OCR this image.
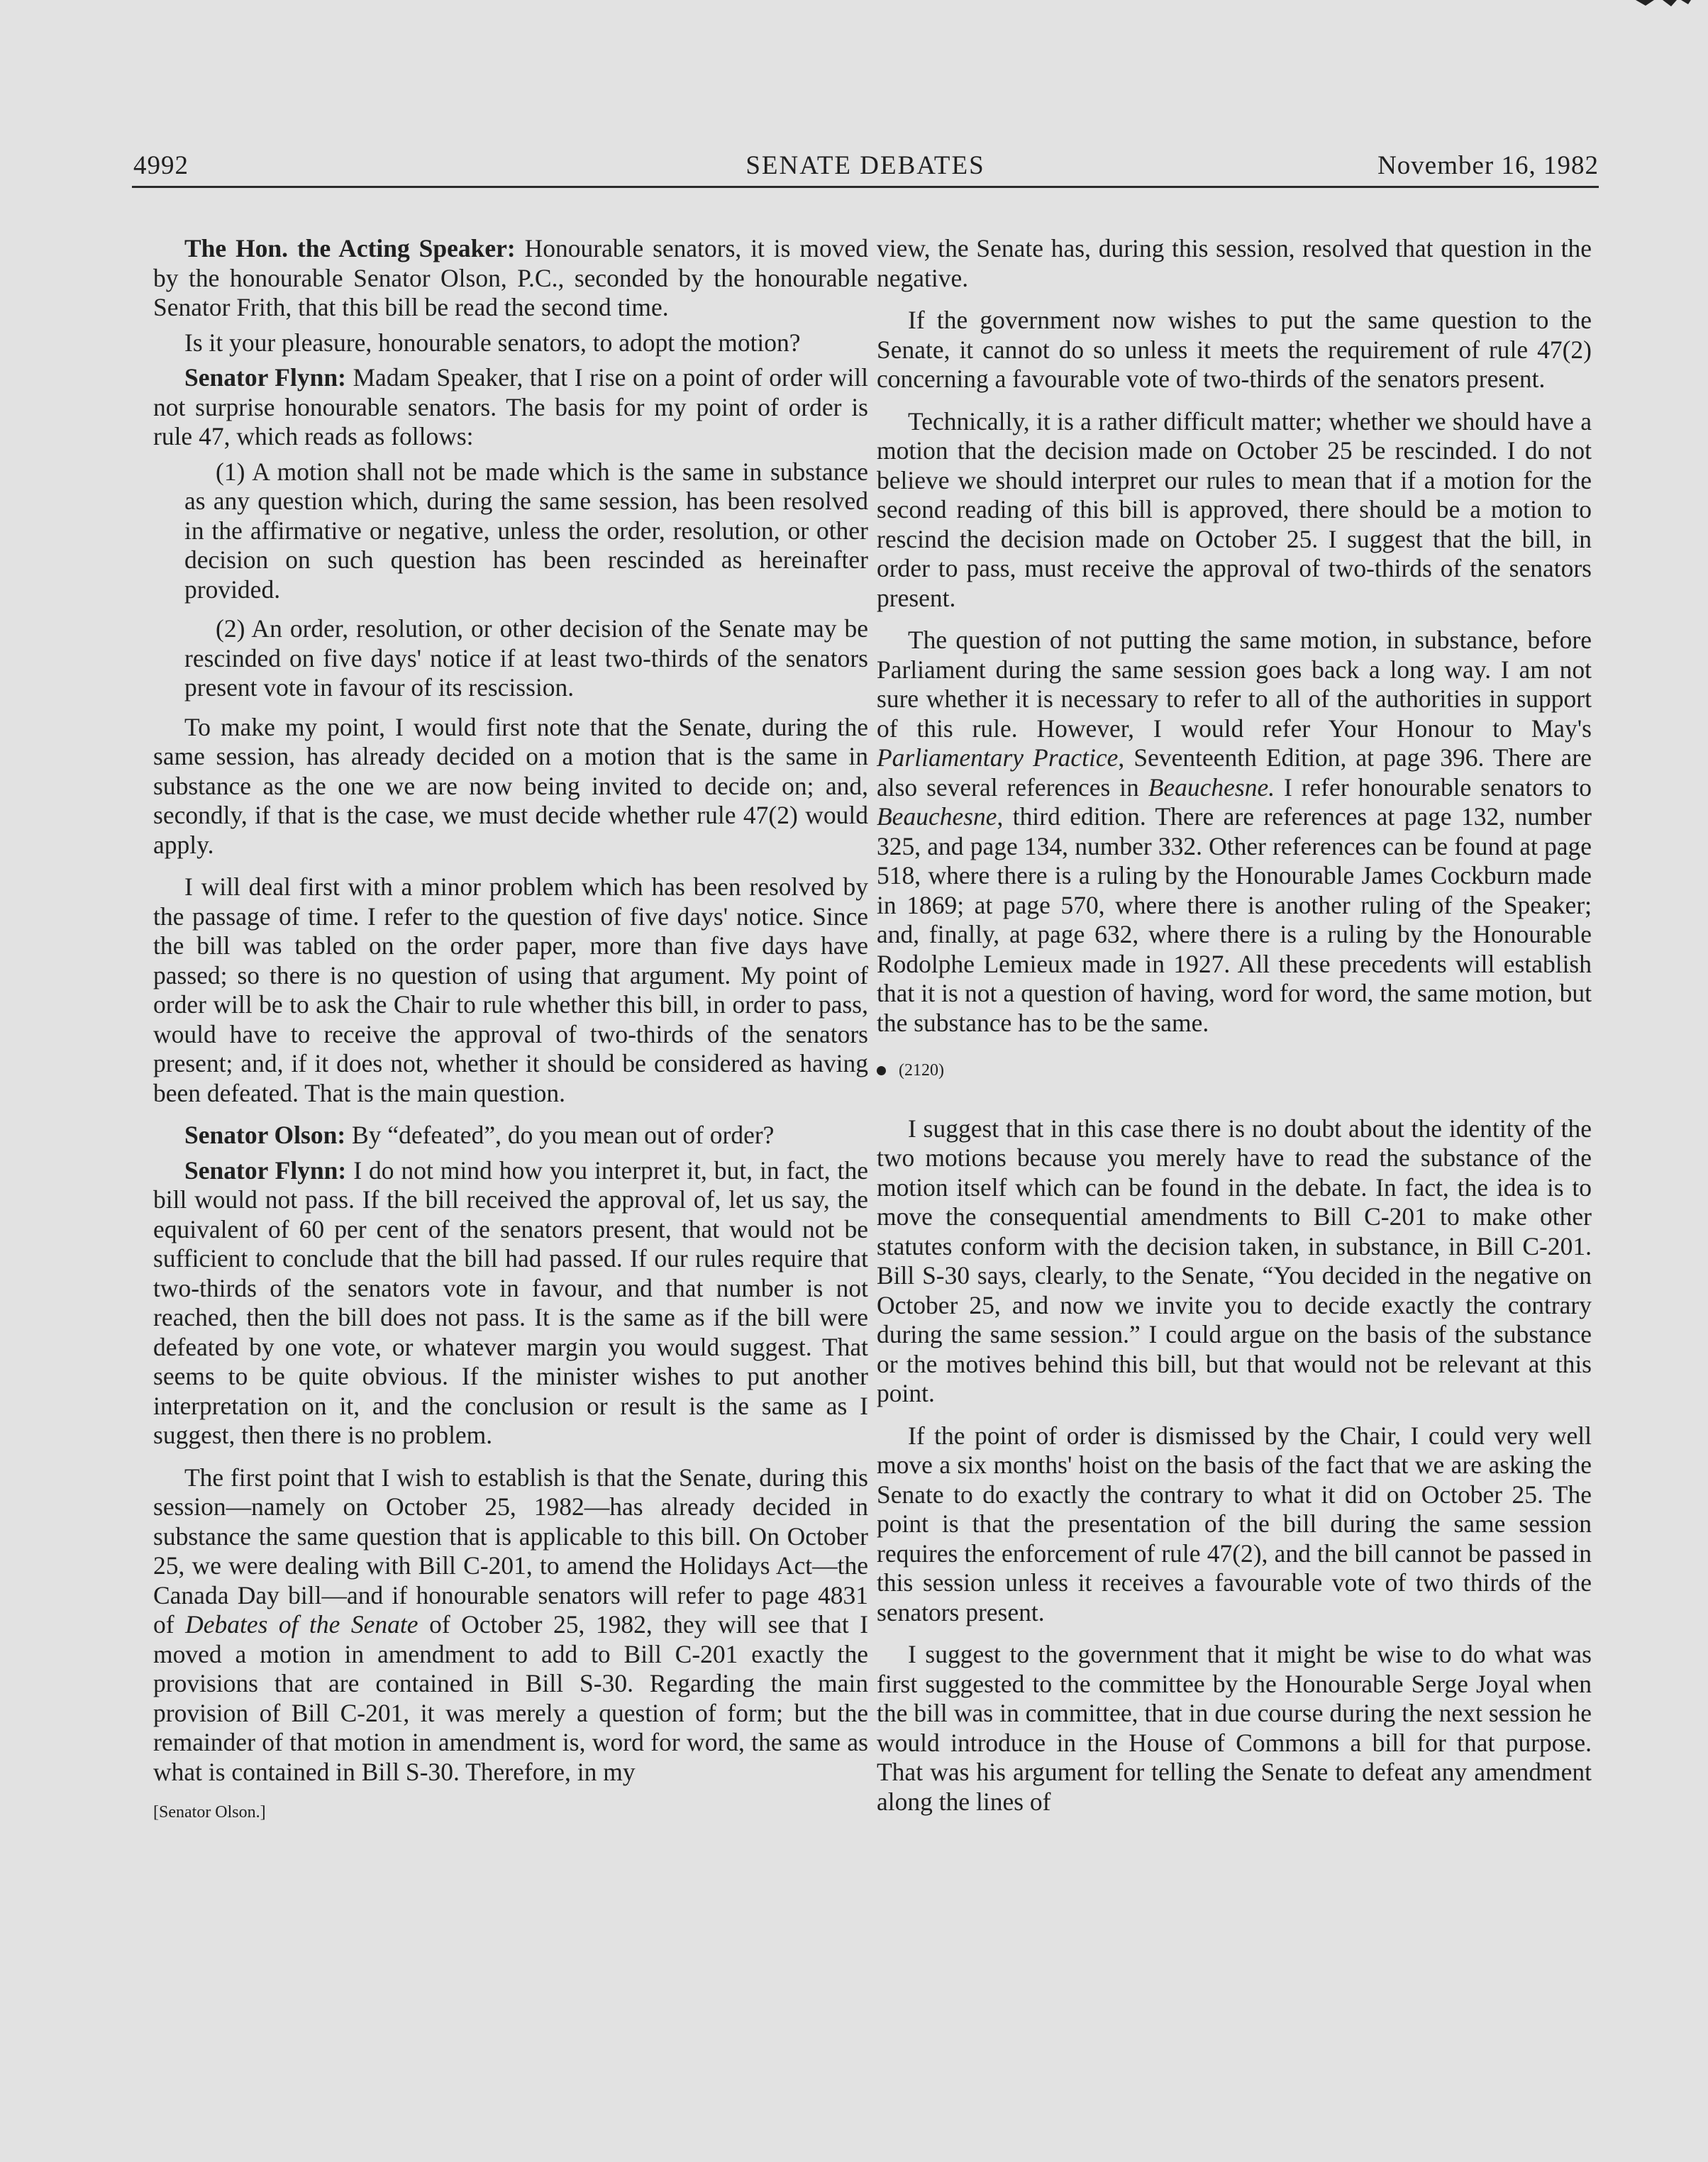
4992	SENATE DEBATES	November 16, 1982

The Hon. the Acting Speaker: Honourable senators, it is moved by the honourable Senator Olson, P.C., seconded by the honourable Senator Frith, that this bill be read the second time.

Is it your pleasure, honourable senators, to adopt the motion?

Senator Flynn: Madam Speaker, that I rise on a point of order will not surprise honourable senators. The basis for my point of order is rule 47, which reads as follows:

(1) A motion shall not be made which is the same in substance as any question which, during the same session, has been resolved in the affirmative or negative, unless the order, resolution, or other decision on such question has been rescinded as hereinafter provided.

(2) An order, resolution, or other decision of the Senate may be rescinded on five days' notice if at least two-thirds of the senators present vote in favour of its rescission.

To make my point, I would first note that the Senate, during the same session, has already decided on a motion that is the same in substance as the one we are now being invited to decide on; and, secondly, if that is the case, we must decide whether rule 47(2) would apply.

I will deal first with a minor problem which has been resolved by the passage of time. I refer to the question of five days' notice. Since the bill was tabled on the order paper, more than five days have passed; so there is no question of using that argument. My point of order will be to ask the Chair to rule whether this bill, in order to pass, would have to receive the approval of two-thirds of the senators present; and, if it does not, whether it should be considered as having been defeated. That is the main question.

Senator Olson: By “defeated”, do you mean out of order?

Senator Flynn: I do not mind how you interpret it, but, in fact, the bill would not pass. If the bill received the approval of, let us say, the equivalent of 60 per cent of the senators present, that would not be sufficient to conclude that the bill had passed. If our rules require that two-thirds of the senators vote in favour, and that number is not reached, then the bill does not pass. It is the same as if the bill were defeated by one vote, or whatever margin you would suggest. That seems to be quite obvious. If the minister wishes to put another interpretation on it, and the conclusion or result is the same as I suggest, then there is no problem.

The first point that I wish to establish is that the Senate, during this session—namely on October 25, 1982—has already decided in substance the same question that is applicable to this bill. On October 25, we were dealing with Bill C-201, to amend the Holidays Act—the Canada Day bill—and if honourable senators will refer to page 4831 of Debates of the Senate of October 25, 1982, they will see that I moved a motion in amendment to add to Bill C-201 exactly the provisions that are contained in Bill S-30. Regarding the main provision of Bill C-201, it was merely a question of form; but the remainder of that motion in amendment is, word for word, the same as what is contained in Bill S-30. Therefore, in my

[Senator Olson.]

view, the Senate has, during this session, resolved that question in the negative.

If the government now wishes to put the same question to the Senate, it cannot do so unless it meets the requirement of rule 47(2) concerning a favourable vote of two-thirds of the senators present.

Technically, it is a rather difficult matter; whether we should have a motion that the decision made on October 25 be rescinded. I do not believe we should interpret our rules to mean that if a motion for the second reading of this bill is approved, there should be a motion to rescind the decision made on October 25. I suggest that the bill, in order to pass, must receive the approval of two-thirds of the senators present.

The question of not putting the same motion, in substance, before Parliament during the same session goes back a long way. I am not sure whether it is necessary to refer to all of the authorities in support of this rule. However, I would refer Your Honour to May's Parliamentary Practice, Seventeenth Edition, at page 396. There are also several references in Beauchesne. I refer honourable senators to Beauchesne, third edition. There are references at page 132, number 325, and page 134, number 332. Other references can be found at page 518, where there is a ruling by the Honourable James Cockburn made in 1869; at page 570, where there is another ruling of the Speaker; and, finally, at page 632, where there is a ruling by the Honourable Rodolphe Lemieux made in 1927. All these precedents will establish that it is not a question of having, word for word, the same motion, but the substance has to be the same.

(2120)

I suggest that in this case there is no doubt about the identity of the two motions because you merely have to read the substance of the motion itself which can be found in the debate. In fact, the idea is to move the consequential amendments to Bill C-201 to make other statutes conform with the decision taken, in substance, in Bill C-201. Bill S-30 says, clearly, to the Senate, “You decided in the negative on October 25, and now we invite you to decide exactly the contrary during the same session.” I could argue on the basis of the substance or the motives behind this bill, but that would not be relevant at this point.

If the point of order is dismissed by the Chair, I could very well move a six months' hoist on the basis of the fact that we are asking the Senate to do exactly the contrary to what it did on October 25. The point is that the presentation of the bill during the same session requires the enforcement of rule 47(2), and the bill cannot be passed in this session unless it receives a favourable vote of two thirds of the senators present.

I suggest to the government that it might be wise to do what was first suggested to the committee by the Honourable Serge Joyal when the bill was in committee, that in due course during the next session he would introduce in the House of Commons a bill for that purpose. That was his argument for telling the Senate to defeat any amendment along the lines of
